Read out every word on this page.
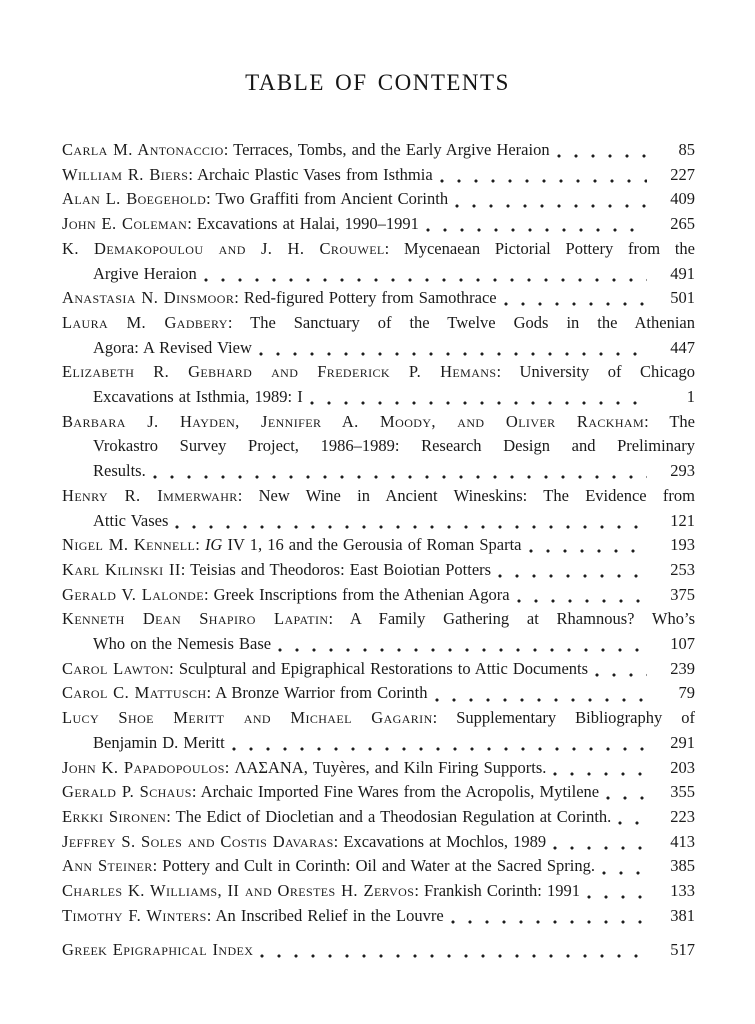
TABLE OF CONTENTS
Carla M. Antonaccio: Terraces, Tombs, and the Early Argive Heraion	85
William R. Biers: Archaic Plastic Vases from Isthmia	227
Alan L. Boegehold: Two Graffiti from Ancient Corinth	409
John E. Coleman: Excavations at Halai, 1990–1991	265
K. Demakopoulou and J. H. Crouwel: Mycenaean Pictorial Pottery from the
Argive Heraion	491
Anastasia N. Dinsmoor: Red-figured Pottery from Samothrace	501
Laura M. Gadbery: The Sanctuary of the Twelve Gods in the Athenian
Agora: A Revised View	447
Elizabeth R. Gebhard and Frederick P. Hemans: University of Chicago
Excavations at Isthmia, 1989: I	1
Barbara J. Hayden, Jennifer A. Moody, and Oliver Rackham: The
Vrokastro Survey Project, 1986–1989: Research Design and Preliminary
Results.	293
Henry R. Immerwahr: New Wine in Ancient Wineskins: The Evidence from
Attic Vases	121
Nigel M. Kennell: IG IV 1, 16 and the Gerousia of Roman Sparta	193
Karl Kilinski II: Teisias and Theodoros: East Boiotian Potters	253
Gerald V. Lalonde: Greek Inscriptions from the Athenian Agora	375
Kenneth Dean Shapiro Lapatin: A Family Gathering at Rhamnous? Who’s
Who on the Nemesis Base	107
Carol Lawton: Sculptural and Epigraphical Restorations to Attic Documents	239
Carol C. Mattusch: A Bronze Warrior from Corinth	79
Lucy Shoe Meritt and Michael Gagarin: Supplementary Bibliography of
Benjamin D. Meritt	291
John K. Papadopoulos: ΛΑΣΑΝΑ, Tuyères, and Kiln Firing Supports.	203
Gerald P. Schaus: Archaic Imported Fine Wares from the Acropolis, Mytilene	355
Erkki Sironen: The Edict of Diocletian and a Theodosian Regulation at Corinth.	223
Jeffrey S. Soles and Costis Davaras: Excavations at Mochlos, 1989	413
Ann Steiner: Pottery and Cult in Corinth: Oil and Water at the Sacred Spring.	385
Charles K. Williams, II and Orestes H. Zervos: Frankish Corinth: 1991	133
Timothy F. Winters: An Inscribed Relief in the Louvre	381
Greek Epigraphical Index	517
